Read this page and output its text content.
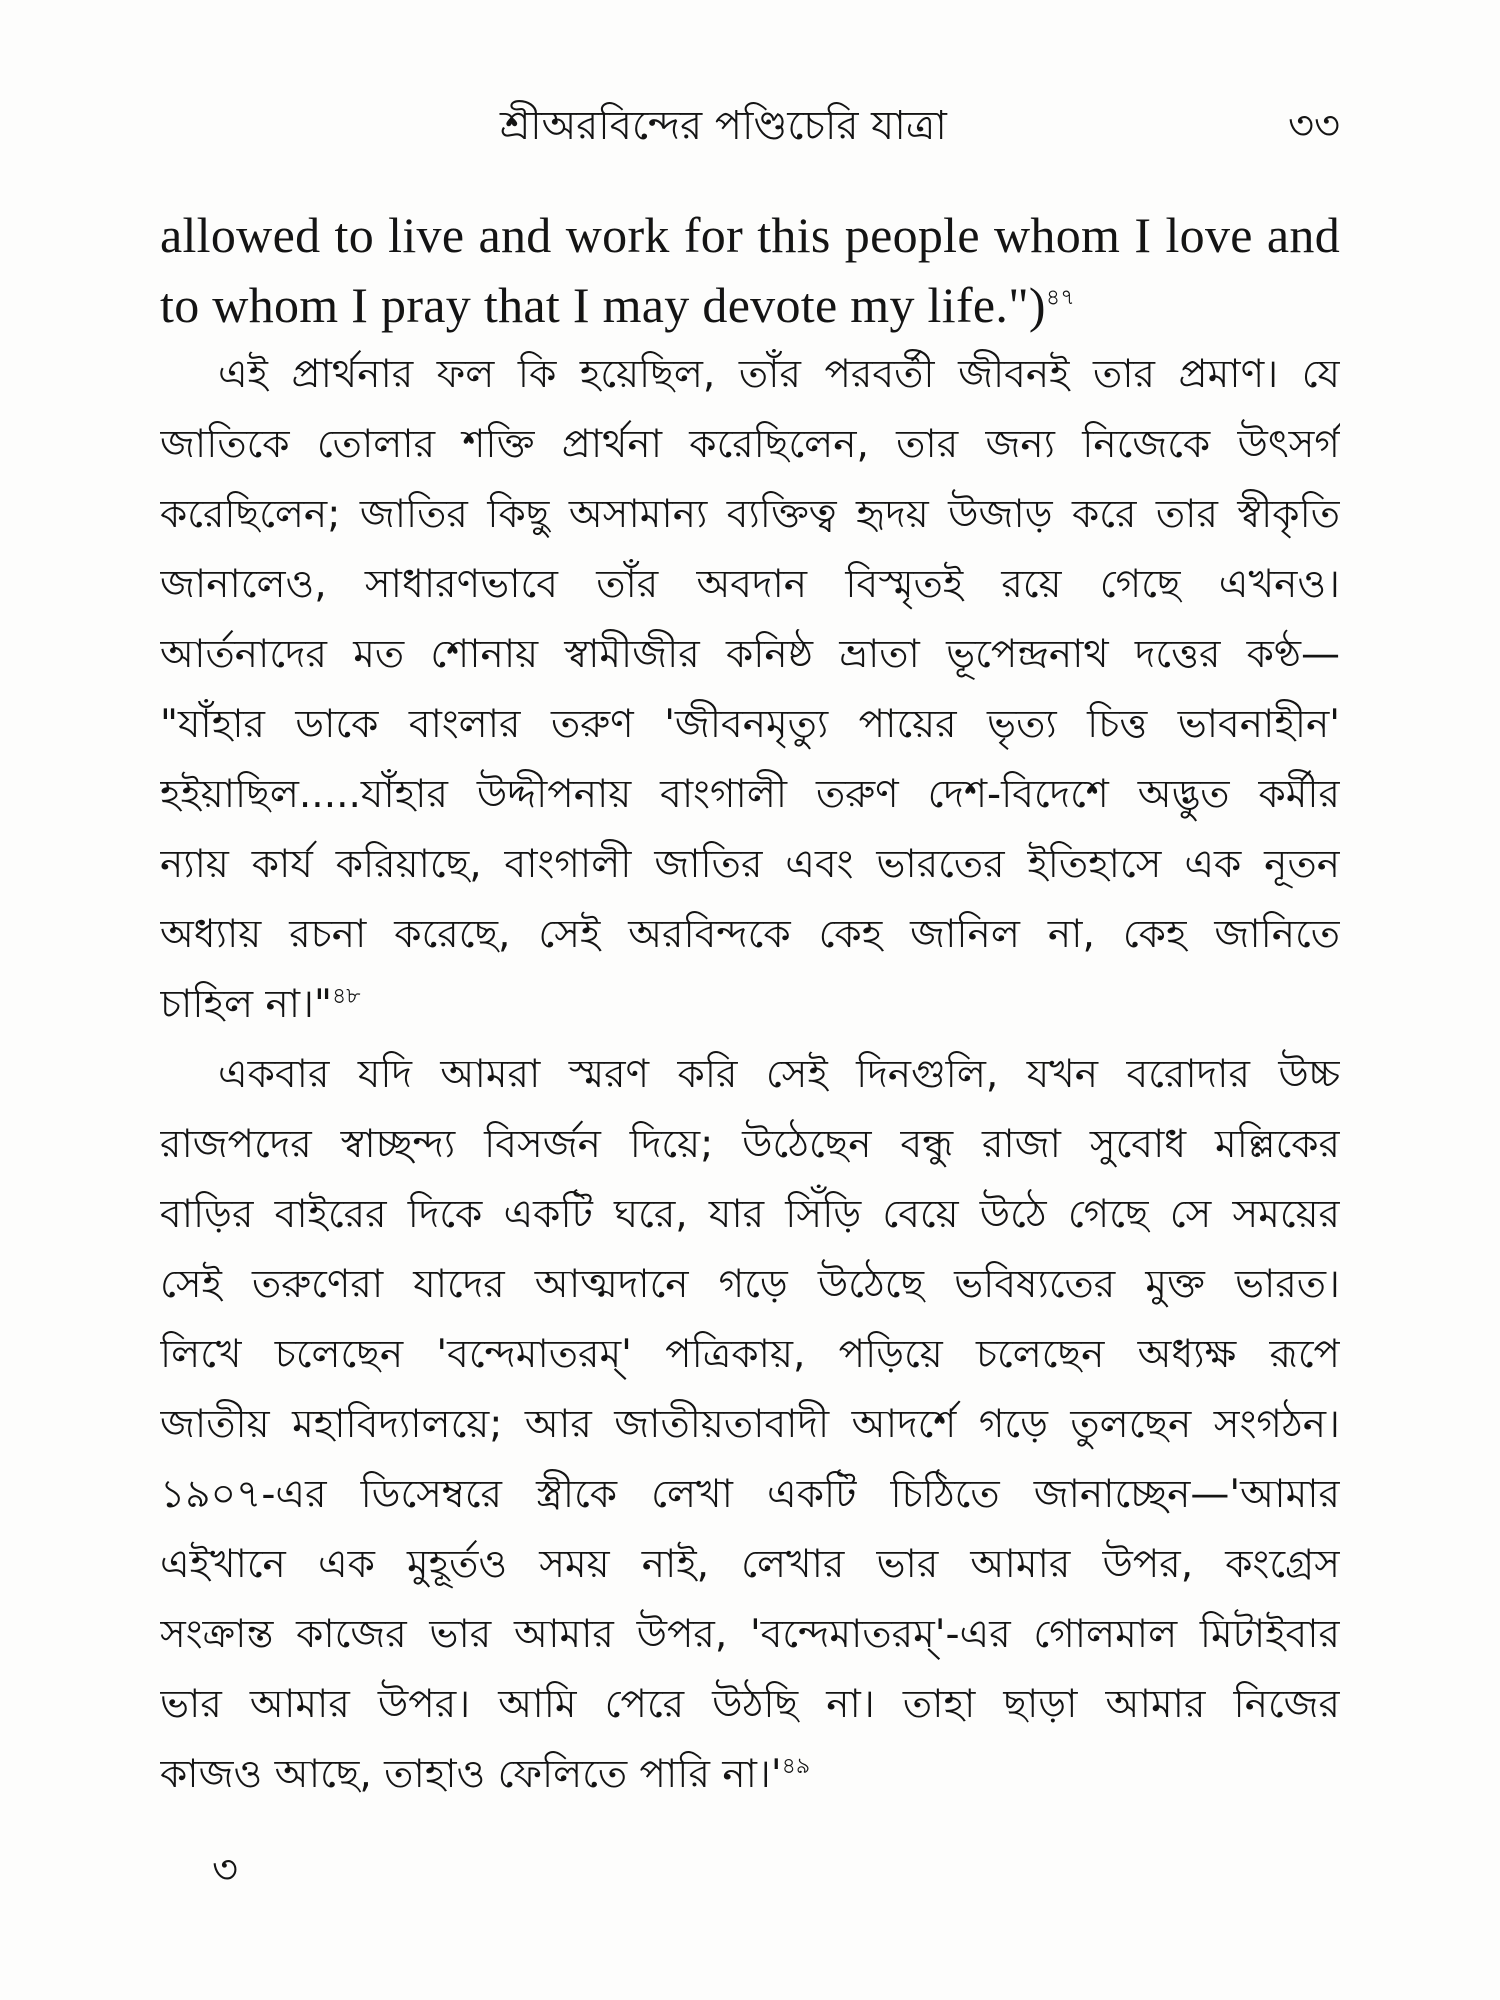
শ্রীঅরবিন্দের পণ্ডিচেরি যাত্রা	৩৩
allowed to live and work for this people whom I love and
to whom I pray that I may devote my life.")$^{৪৭}$
এই প্রার্থনার ফল কি হয়েছিল, তাঁর পরবর্তী জীবনই তার প্রমাণ। যে
জাতিকে তোলার শক্তি প্রার্থনা করেছিলেন, তার জন্য নিজেকে উৎসর্গ
করেছিলেন; জাতির কিছু অসামান্য ব্যক্তিত্ব হৃদয় উজাড় করে তার স্বীকৃতি
জানালেও, সাধারণভাবে তাঁর অবদান বিস্মৃতই রয়ে গেছে এখনও।
আর্তনাদের মত শোনায় স্বামীজীর কনিষ্ঠ ভ্রাতা ভূপেন্দ্রনাথ দত্তের কণ্ঠ—
"যাঁহার ডাকে বাংলার তরুণ 'জীবনমৃত্যু পায়ের ভৃত্য চিত্ত ভাবনাহীন'
হইয়াছিল.....যাঁহার উদ্দীপনায় বাংগালী তরুণ দেশ-বিদেশে অদ্ভুত কর্মীর
ন্যায় কার্য করিয়াছে, বাংগালী জাতির এবং ভারতের ইতিহাসে এক নূতন
অধ্যায় রচনা করেছে, সেই অরবিন্দকে কেহ জানিল না, কেহ জানিতে
চাহিল না।"$^{৪৮}$
একবার যদি আমরা স্মরণ করি সেই দিনগুলি, যখন বরোদার উচ্চ
রাজপদের স্বাচ্ছন্দ্য বিসর্জন দিয়ে; উঠেছেন বন্ধু রাজা সুবোধ মল্লিকের
বাড়ির বাইরের দিকে একটি ঘরে, যার সিঁড়ি বেয়ে উঠে গেছে সে সময়ের
সেই তরুণেরা যাদের আত্মদানে গড়ে উঠেছে ভবিষ্যতের মুক্ত ভারত।
লিখে চলেছেন 'বন্দেমাতরম্' পত্রিকায়, পড়িয়ে চলেছেন অধ্যক্ষ রূপে
জাতীয় মহাবিদ্যালয়ে; আর জাতীয়তাবাদী আদর্শে গড়ে তুলছেন সংগঠন।
১৯০৭-এর ডিসেম্বরে স্ত্রীকে লেখা একটি চিঠিতে জানাচ্ছেন—'আমার
এইখানে এক মুহূর্তও সময় নাই, লেখার ভার আমার উপর, কংগ্রেস
সংক্রান্ত কাজের ভার আমার উপর, 'বন্দেমাতরম্'-এর গোলমাল মিটাইবার
ভার আমার উপর। আমি পেরে উঠছি না। তাহা ছাড়া আমার নিজের
কাজও আছে, তাহাও ফেলিতে পারি $না।'^{৪৯}$
৩
